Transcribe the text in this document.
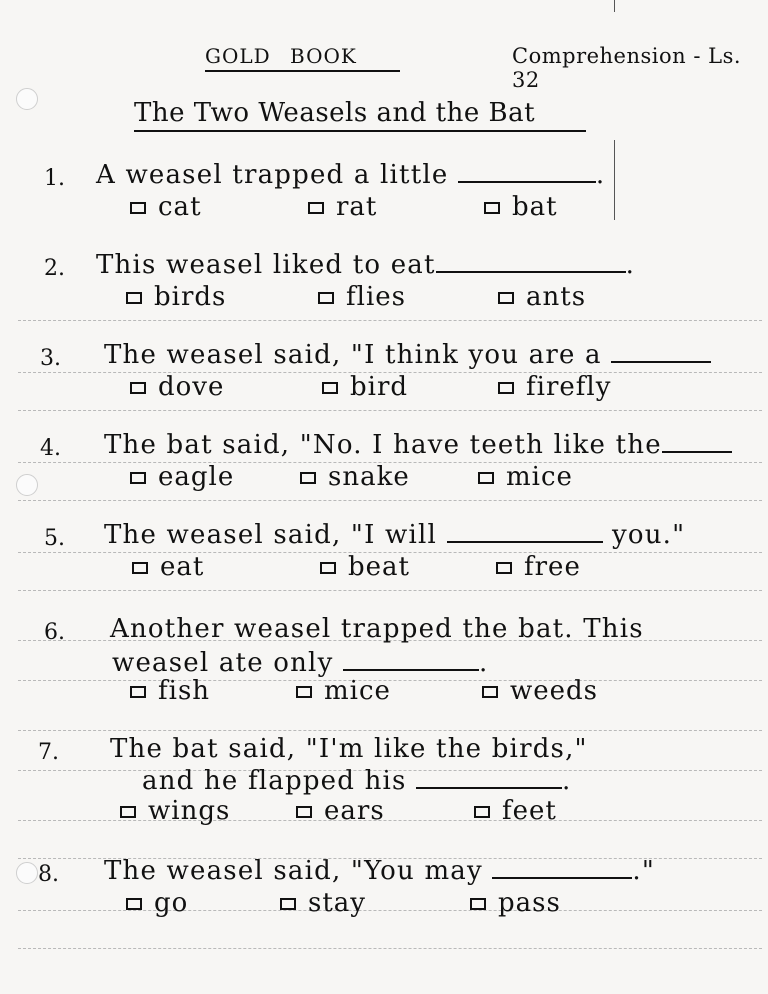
GOLD BOOK	Comprehension - Ls. 32
The Two Weasels and the Bat
1. A weasel trapped a little	.
cat	rat	bat
2. This weasel liked to eat	.
birds	flies	ants
3. The weasel said, "I think you are a
dove	bird	firefly
4. The bat said, "No. I have teeth like the
eagle	snake	mice
5. The weasel said, "I will	you."
eat	beat	free
6. Another weasel trapped the bat. This
weasel ate only	.
fish	mice	weeds
7. The bat said, "I'm like the birds,"
and he flapped his	.
wings	ears	feet
8. The weasel said, "You may	."
go	stay	pass
